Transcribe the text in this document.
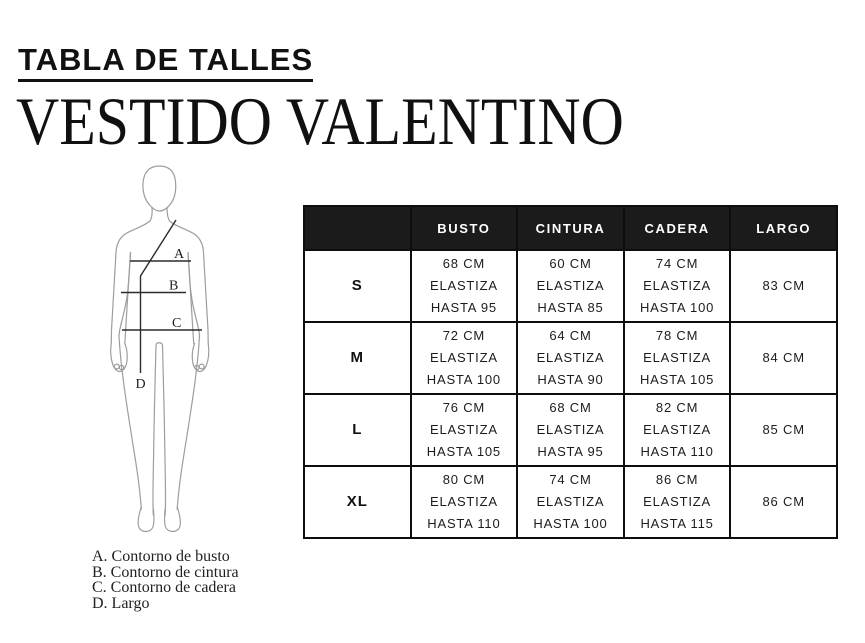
TABLA DE TALLES
VESTIDO VALENTINO
A
B
C
D
A. Contorno de busto
B. Contorno de cintura
C. Contorno de cadera
D. Largo
	BUSTO	CINTURA	CADERA	LARGO
S	68 CM
ELASTIZA
HASTA 95	60 CM
ELASTIZA
HASTA 85	74 CM
ELASTIZA
HASTA 100	83 CM

M	72 CM
ELASTIZA
HASTA 100	64 CM
ELASTIZA
HASTA 90	78 CM
ELASTIZA
HASTA 105	84 CM

L	76 CM
ELASTIZA
HASTA 105	68 CM
ELASTIZA
HASTA 95	82 CM
ELASTIZA
HASTA 110	85 CM

XL	80 CM
ELASTIZA
HASTA 110	74 CM
ELASTIZA
HASTA 100	86 CM
ELASTIZA
HASTA 115	86 CM
